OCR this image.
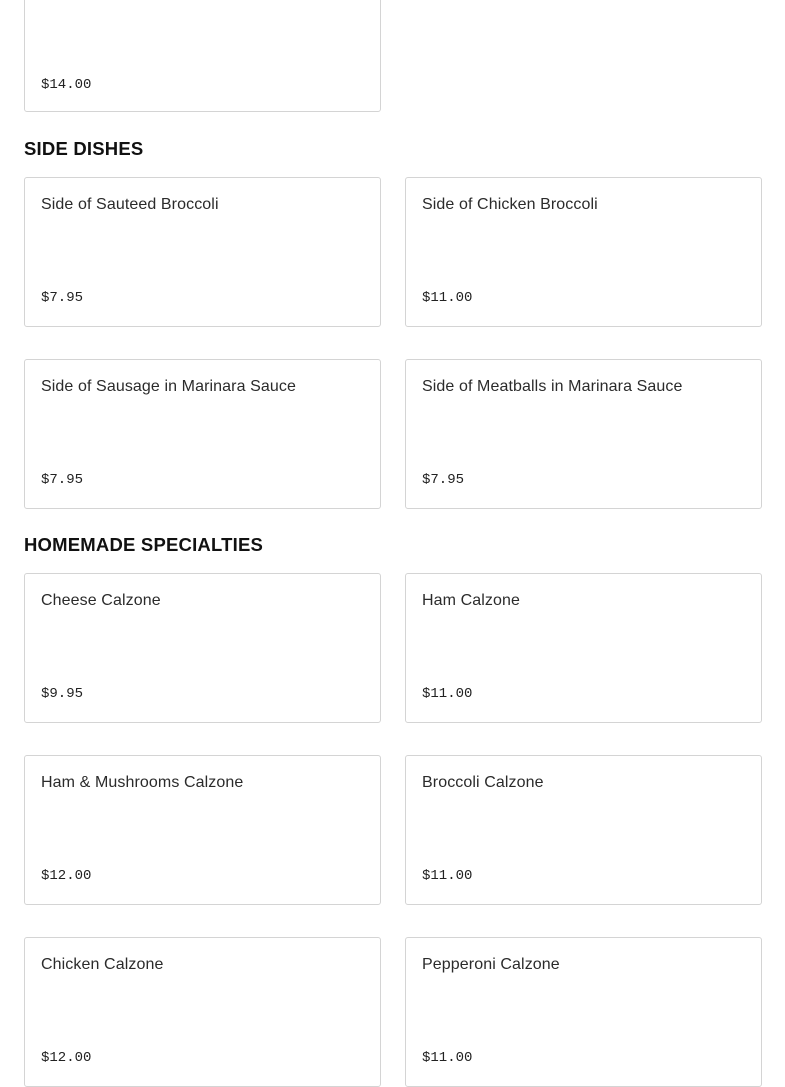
$14.00
SIDE DISHES
Side of Sauteed Broccoli
$7.95
Side of Chicken Broccoli
$11.00
Side of Sausage in Marinara Sauce
$7.95
Side of Meatballs in Marinara Sauce
$7.95
HOMEMADE SPECIALTIES
Cheese Calzone
$9.95
Ham Calzone
$11.00
Ham & Mushrooms Calzone
$12.00
Broccoli Calzone
$11.00
Chicken Calzone
$12.00
Pepperoni Calzone
$11.00
